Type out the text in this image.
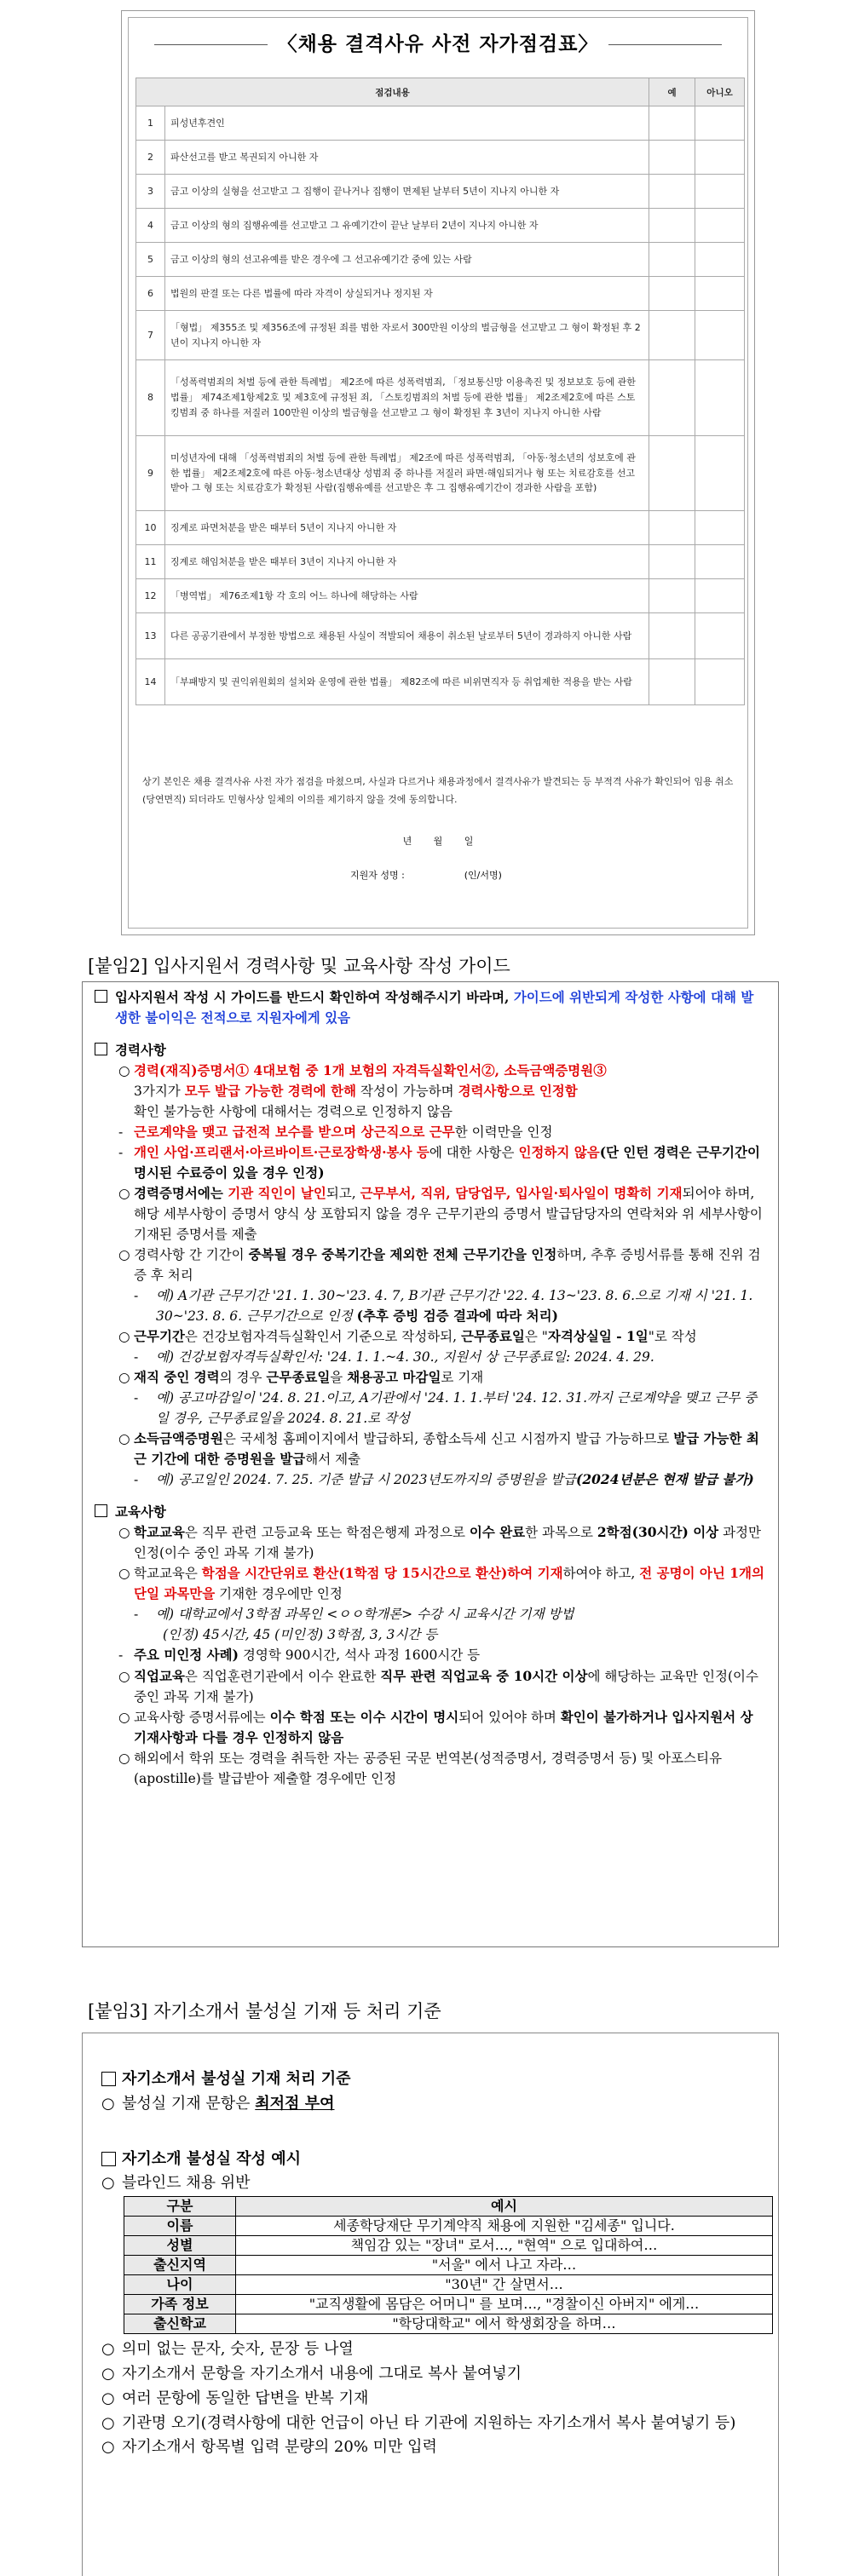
〈채용 결격사유 사전 자가점검표〉
점검내용		예	아니오
1	피성년후견인		
2	파산선고를 받고 복권되지 아니한 자		
3	금고 이상의 실형을 선고받고 그 집행이 끝나거나 집행이 면제된 날부터 5년이 지나지 아니한 자		
4	금고 이상의 형의 집행유예를 선고받고 그 유예기간이 끝난 날부터 2년이 지나지 아니한 자		
5	금고 이상의 형의 선고유예를 받은 경우에 그 선고유예기간 중에 있는 사람		
6	법원의 판결 또는 다른 법률에 따라 자격이 상실되거나 정지된 자		
7	「형법」 제355조 및 제356조에 규정된 죄를 범한 자로서 300만원 이상의 벌금형을 선고받고 그 형이 확정된 후 2년이 지나지 아니한 자		
8	「성폭력범죄의 처벌 등에 관한 특례법」 제2조에 따른 성폭력범죄, 「정보통신망 이용촉진 및 정보보호 등에 관한 법률」 제74조제1항제2호 및 제3호에 규정된 죄, 「스토킹범죄의 처벌 등에 관한 법률」 제2조제2호에 따른 스토킹범죄 중 하나를 저질러 100만원 이상의 벌금형을 선고받고 그 형이 확정된 후 3년이 지나지 아니한 사람		
9	미성년자에 대해 「성폭력범죄의 처벌 등에 관한 특례법」 제2조에 따른 성폭력범죄, 「아동·청소년의 성보호에 관한 법률」 제2조제2호에 따른 아동·청소년대상 성범죄 중 하나를 저질러 파면·해임되거나 형 또는 치료감호를 선고받아 그 형 또는 치료감호가 확정된 사람(집행유예를 선고받은 후 그 집행유예기간이 경과한 사람을 포함)		
10	징계로 파면처분을 받은 때부터 5년이 지나지 아니한 자		
11	징계로 해임처분을 받은 때부터 3년이 지나지 아니한 자		
12	「병역법」 제76조제1항 각 호의 어느 하나에 해당하는 사람		
13	다른 공공기관에서 부정한 방법으로 채용된 사실이 적발되어 채용이 취소된 날로부터 5년이 경과하지 아니한 사람		
14	「부패방지 및 권익위원회의 설치와 운영에 관한 법률」 제82조에 따른 비위면직자 등 취업제한 적용을 받는 사람		
상기 본인은 채용 결격사유 사전 자가 점검을 마쳤으며, 사실과 다르거나 채용과정에서 결격사유가 발견되는 등 부적격 사유가 확인되어 임용 취소(당연면직) 되더라도 민형사상 일체의 이의를 제기하지 않을 것에 동의합니다.
년 월 일
지원자 성명 :                    (인/서명)
[붙임2] 입사지원서 경력사항 및 교육사항 작성 가이드
입사지원서 작성 시 가이드를 반드시 확인하여 작성해주시기 바라며, 가이드에 위반되게 작성한 사항에 대해 발생한 불이익은 전적으로 지원자에게 있음
경력사항
○ 경력(재직)증명서① 4대보험 중 1개 보험의 자격득실확인서②, 소득금액증명원③
3가지가 모두 발급 가능한 경력에 한해 작성이 가능하며 경력사항으로 인정함
확인 불가능한 사항에 대해서는 경력으로 인정하지 않음
- 근로계약을 맺고 급전적 보수를 받으며 상근직으로 근무한 이력만을 인정
- 개인 사업·프리랜서·아르바이트·근로장학생·봉사 등에 대한 사항은 인정하지 않음(단 인턴 경력은 근무기간이 명시된 수료증이 있을 경우 인정)
○ 경력증명서에는 기관 직인이 날인되고, 근무부서, 직위, 담당업무, 입사일·퇴사일이 명확히 기재되어야 하며, 해당 세부사항이 증명서 양식 상 포함되지 않을 경우 근무기관의 증명서 발급담당자의 연락처와 위 세부사항이 기재된 증명서를 제출
○ 경력사항 간 기간이 중복될 경우 중복기간을 제외한 전체 근무기간을 인정하며, 추후 증빙서류를 통해 진위 검증 후 처리
- 예) A기관 근무기간 '21. 1. 30~'23. 4. 7, B기관 근무기간 '22. 4. 13~'23. 8. 6.으로 기재 시 '21. 1. 30~'23. 8. 6. 근무기간으로 인정 (추후 증빙 검증 결과에 따라 처리)
○ 근무기간은 건강보험자격득실확인서 기준으로 작성하되, 근무종료일은 "자격상실일 - 1일"로 작성
- 예) 건강보험자격득실확인서: '24. 1. 1.~4. 30., 지원서 상 근무종료일: 2024. 4. 29.
○ 재직 중인 경력의 경우 근무종료일을 채용공고 마감일로 기재
- 예) 공고마감일이 '24. 8. 21.이고, A기관에서 '24. 1. 1.부터 '24. 12. 31.까지 근로계약을 맺고 근무 중일 경우, 근무종료일을 2024. 8. 21.로 작성
○ 소득금액증명원은 국세청 홈페이지에서 발급하되, 종합소득세 신고 시점까지 발급 가능하므로 발급 가능한 최근 기간에 대한 증명원을 발급해서 제출
- 예) 공고일인 2024. 7. 25. 기준 발급 시 2023년도까지의 증명원을 발급(2024년분은 현재 발급 불가)
교육사항
○ 학교교육은 직무 관련 고등교육 또는 학점은행제 과정으로 이수 완료한 과목으로 2학점(30시간) 이상 과정만 인정(이수 중인 과목 기재 불가)
○ 학교교육은 학점을 시간단위로 환산(1학점 당 15시간으로 환산)하여 기재하여야 하고, 전 공명이 아닌 1개의 단일 과목만을 기재한 경우에만 인정
- 예) 대학교에서 3학점 과목인 <ㅇㅇ학개론> 수강 시 교육시간 기재 방법
(인정) 45시간, 45 (미인정) 3학점, 3, 3시간 등
- 주요 미인정 사례) 경영학 900시간, 석사 과정 1600시간 등
○ 직업교육은 직업훈련기관에서 이수 완료한 직무 관련 직업교육 중 10시간 이상에 해당하는 교육만 인정(이수 중인 과목 기재 불가)
○ 교육사항 증명서류에는 이수 학점 또는 이수 시간이 명시되어 있어야 하며 확인이 불가하거나 입사지원서 상 기재사항과 다를 경우 인정하지 않음
○ 해외에서 학위 또는 경력을 취득한 자는 공증된 국문 번역본(성적증명서, 경력증명서 등) 및 아포스티유(apostille)를 발급받아 제출할 경우에만 인정
[붙임3] 자기소개서 불성실 기재 등 처리 기준
자기소개서 불성실 기재 처리 기준
○ 불성실 기재 문항은 최저점 부여
자기소개 불성실 작성 예시
○ 블라인드 채용 위반
구분	예시
이름	세종학당재단 무기계약직 채용에 지원한 "김세종" 입니다.
성별	책임감 있는 "장녀" 로서…, "현역" 으로 입대하여…
출신지역	"서울" 에서 나고 자라…
나이	"30년" 간 살면서…
가족 정보	"교직생활에 몸담은 어머니" 를 보며…, "경찰이신 아버지" 에게…
출신학교	"학당대학교" 에서 학생회장을 하며…
○ 의미 없는 문자, 숫자, 문장 등 나열
○ 자기소개서 문항을 자기소개서 내용에 그대로 복사 붙여넣기
○ 여러 문항에 동일한 답변을 반복 기재
○ 기관명 오기(경력사항에 대한 언급이 아닌 타 기관에 지원하는 자기소개서 복사 붙여넣기 등)
○ 자기소개서 항목별 입력 분량의 20% 미만 입력
